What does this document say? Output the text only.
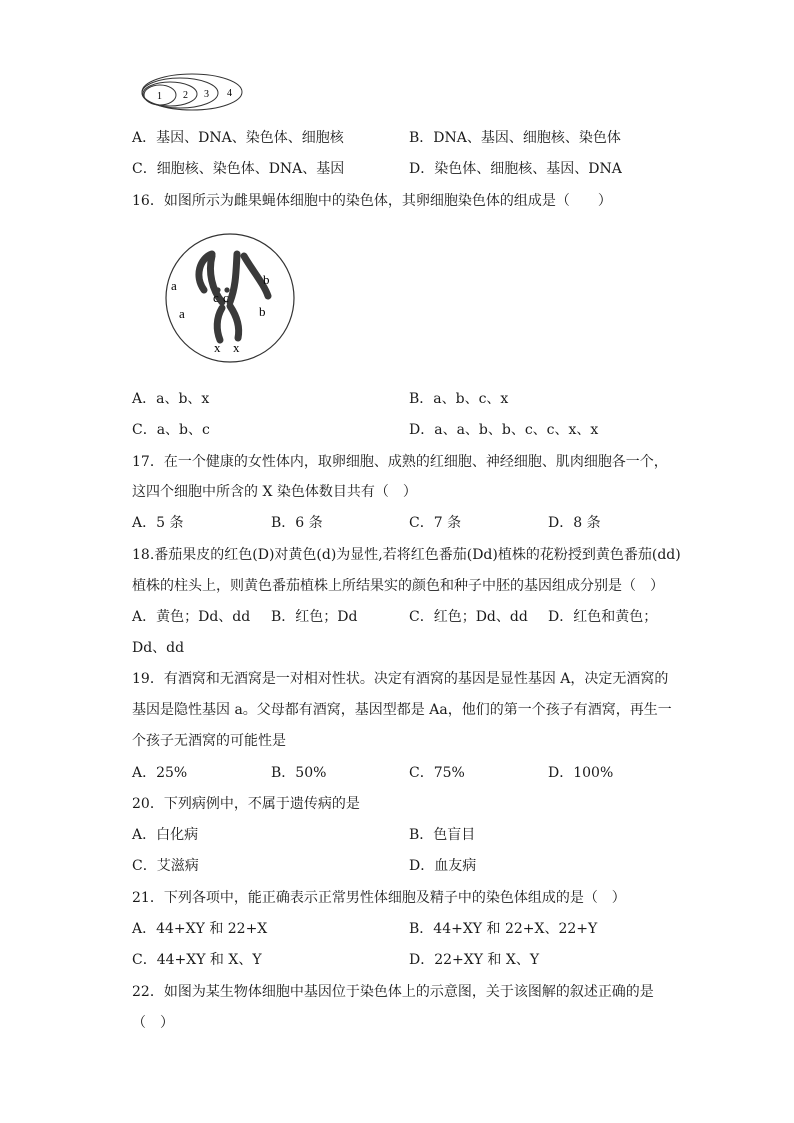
1 2 3 4
A．基因、DNA、染色体、细胞核	B．DNA、基因、细胞核、染色体
C．细胞核、染色体、DNA、基因	D．染色体、细胞核、基因、DNA
16．如图所示为雌果蝇体细胞中的染色体，其卵细胞染色体的组成是（　　）
a
a
b
b
c c
x x
A．a、b、x	B．a、b、c、x
C．a、b、c	D．a、a、b、b、c、c、x、x
17．在一个健康的女性体内，取卵细胞、成熟的红细胞、神经细胞、肌肉细胞各一个，
这四个细胞中所含的 X 染色体数目共有（　）
A．5 条	B．6 条	C．7 条	D．8 条
18.番茄果皮的红色(D)对黄色(d)为显性,若将红色番茄(Dd)植株的花粉授到黄色番茄(dd)
植株的柱头上，则黄色番茄植株上所结果实的颜色和种子中胚的基因组成分别是（　）
A．黄色；Dd、dd B．红色；Dd	C．红色；Dd、dd D．红色和黄色；
Dd、dd
19．有酒窝和无酒窝是一对相对性状。决定有酒窝的基因是显性基因 A，决定无酒窝的
基因是隐性基因 a。父母都有酒窝，基因型都是 Aa，他们的第一个孩子有酒窝，再生一
个孩子无酒窝的可能性是
A．25%	B．50%	C．75%	D．100%
20．下列病例中，不属于遗传病的是
A．白化病	B．色盲目
C．艾滋病	D．血友病
21．下列各项中，能正确表示正常男性体细胞及精子中的染色体组成的是（　）
A．44+XY 和 22+X	B．44+XY 和 22+X、22+Y
C．44+XY 和 X、Y	D．22+XY 和 X、Y
22．如图为某生物体细胞中基因位于染色体上的示意图，关于该图解的叙述正确的是
（　）
